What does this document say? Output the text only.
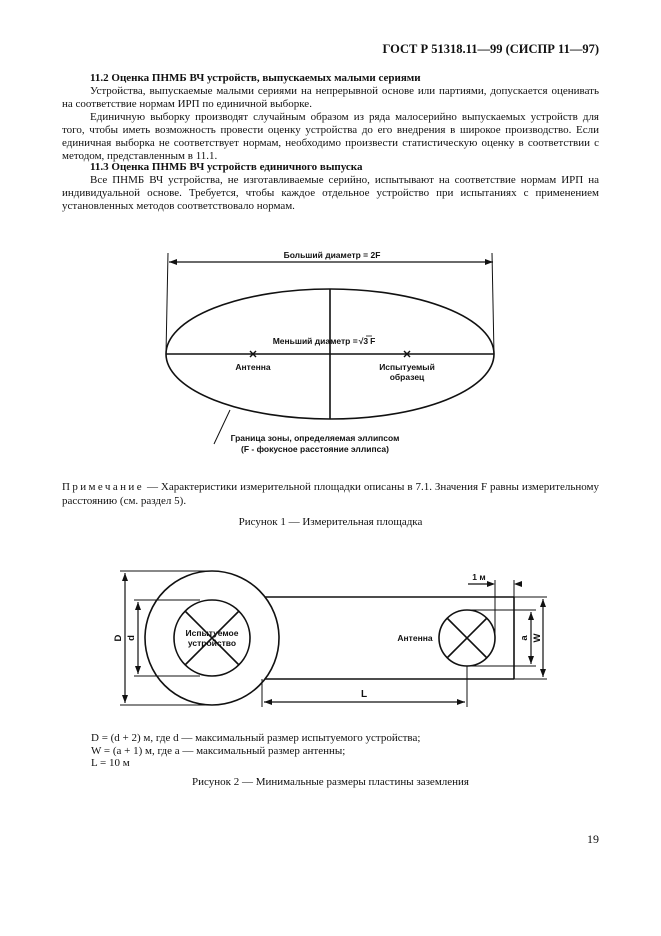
ГОСТ Р 51318.11—99 (СИСПР 11—97)
11.2 Оценка ПНМБ ВЧ устройств, выпускаемых малыми сериями

Устройства, выпускаемые малыми сериями на непрерывной основе или партиями, допускается оценивать на соответствие нормам ИРП по единичной выборке.

Единичную выборку производят случайным образом из ряда малосерийно выпускаемых устройств для того, чтобы иметь возможность провести оценку устройства до его внедрения в широкое производство. Если единичная выборка не соответствует нормам, необходимо произвести статистическую оценку в соответствии с методом, представленным в 11.1.

11.3 Оценка ПНМБ ВЧ устройств единичного выпуска

Все ПНМБ ВЧ устройства, не изготавливаемые серийно, испытывают на соответствие нормам ИРП на индивидуальной основе. Требуется, чтобы каждое отдельное устройство при испытаниях с применением установленных методов соответствовало нормам.

Больший диаметр = 2F
Меньший диаметр =√3 F
Антенна	Испытуемый
образец
Граница зоны, определяемая эллипсом
(F - фокусное расстояние эллипса)
Примечание — Характеристики измерительной площадки описаны в 7.1. Значения F равны измерительному расстоянию (см. раздел 5).
Рисунок 1 — Измерительная площадка
Испытуемое
устройство	Антенна
1 м
L
D d	a W
D = (d + 2) м, где d — максимальный размер испытуемого устройства;
W = (a + 1) м, где а — максимальный размер антенны;
L = 10 м
Рисунок 2 — Минимальные размеры пластины заземления
19
